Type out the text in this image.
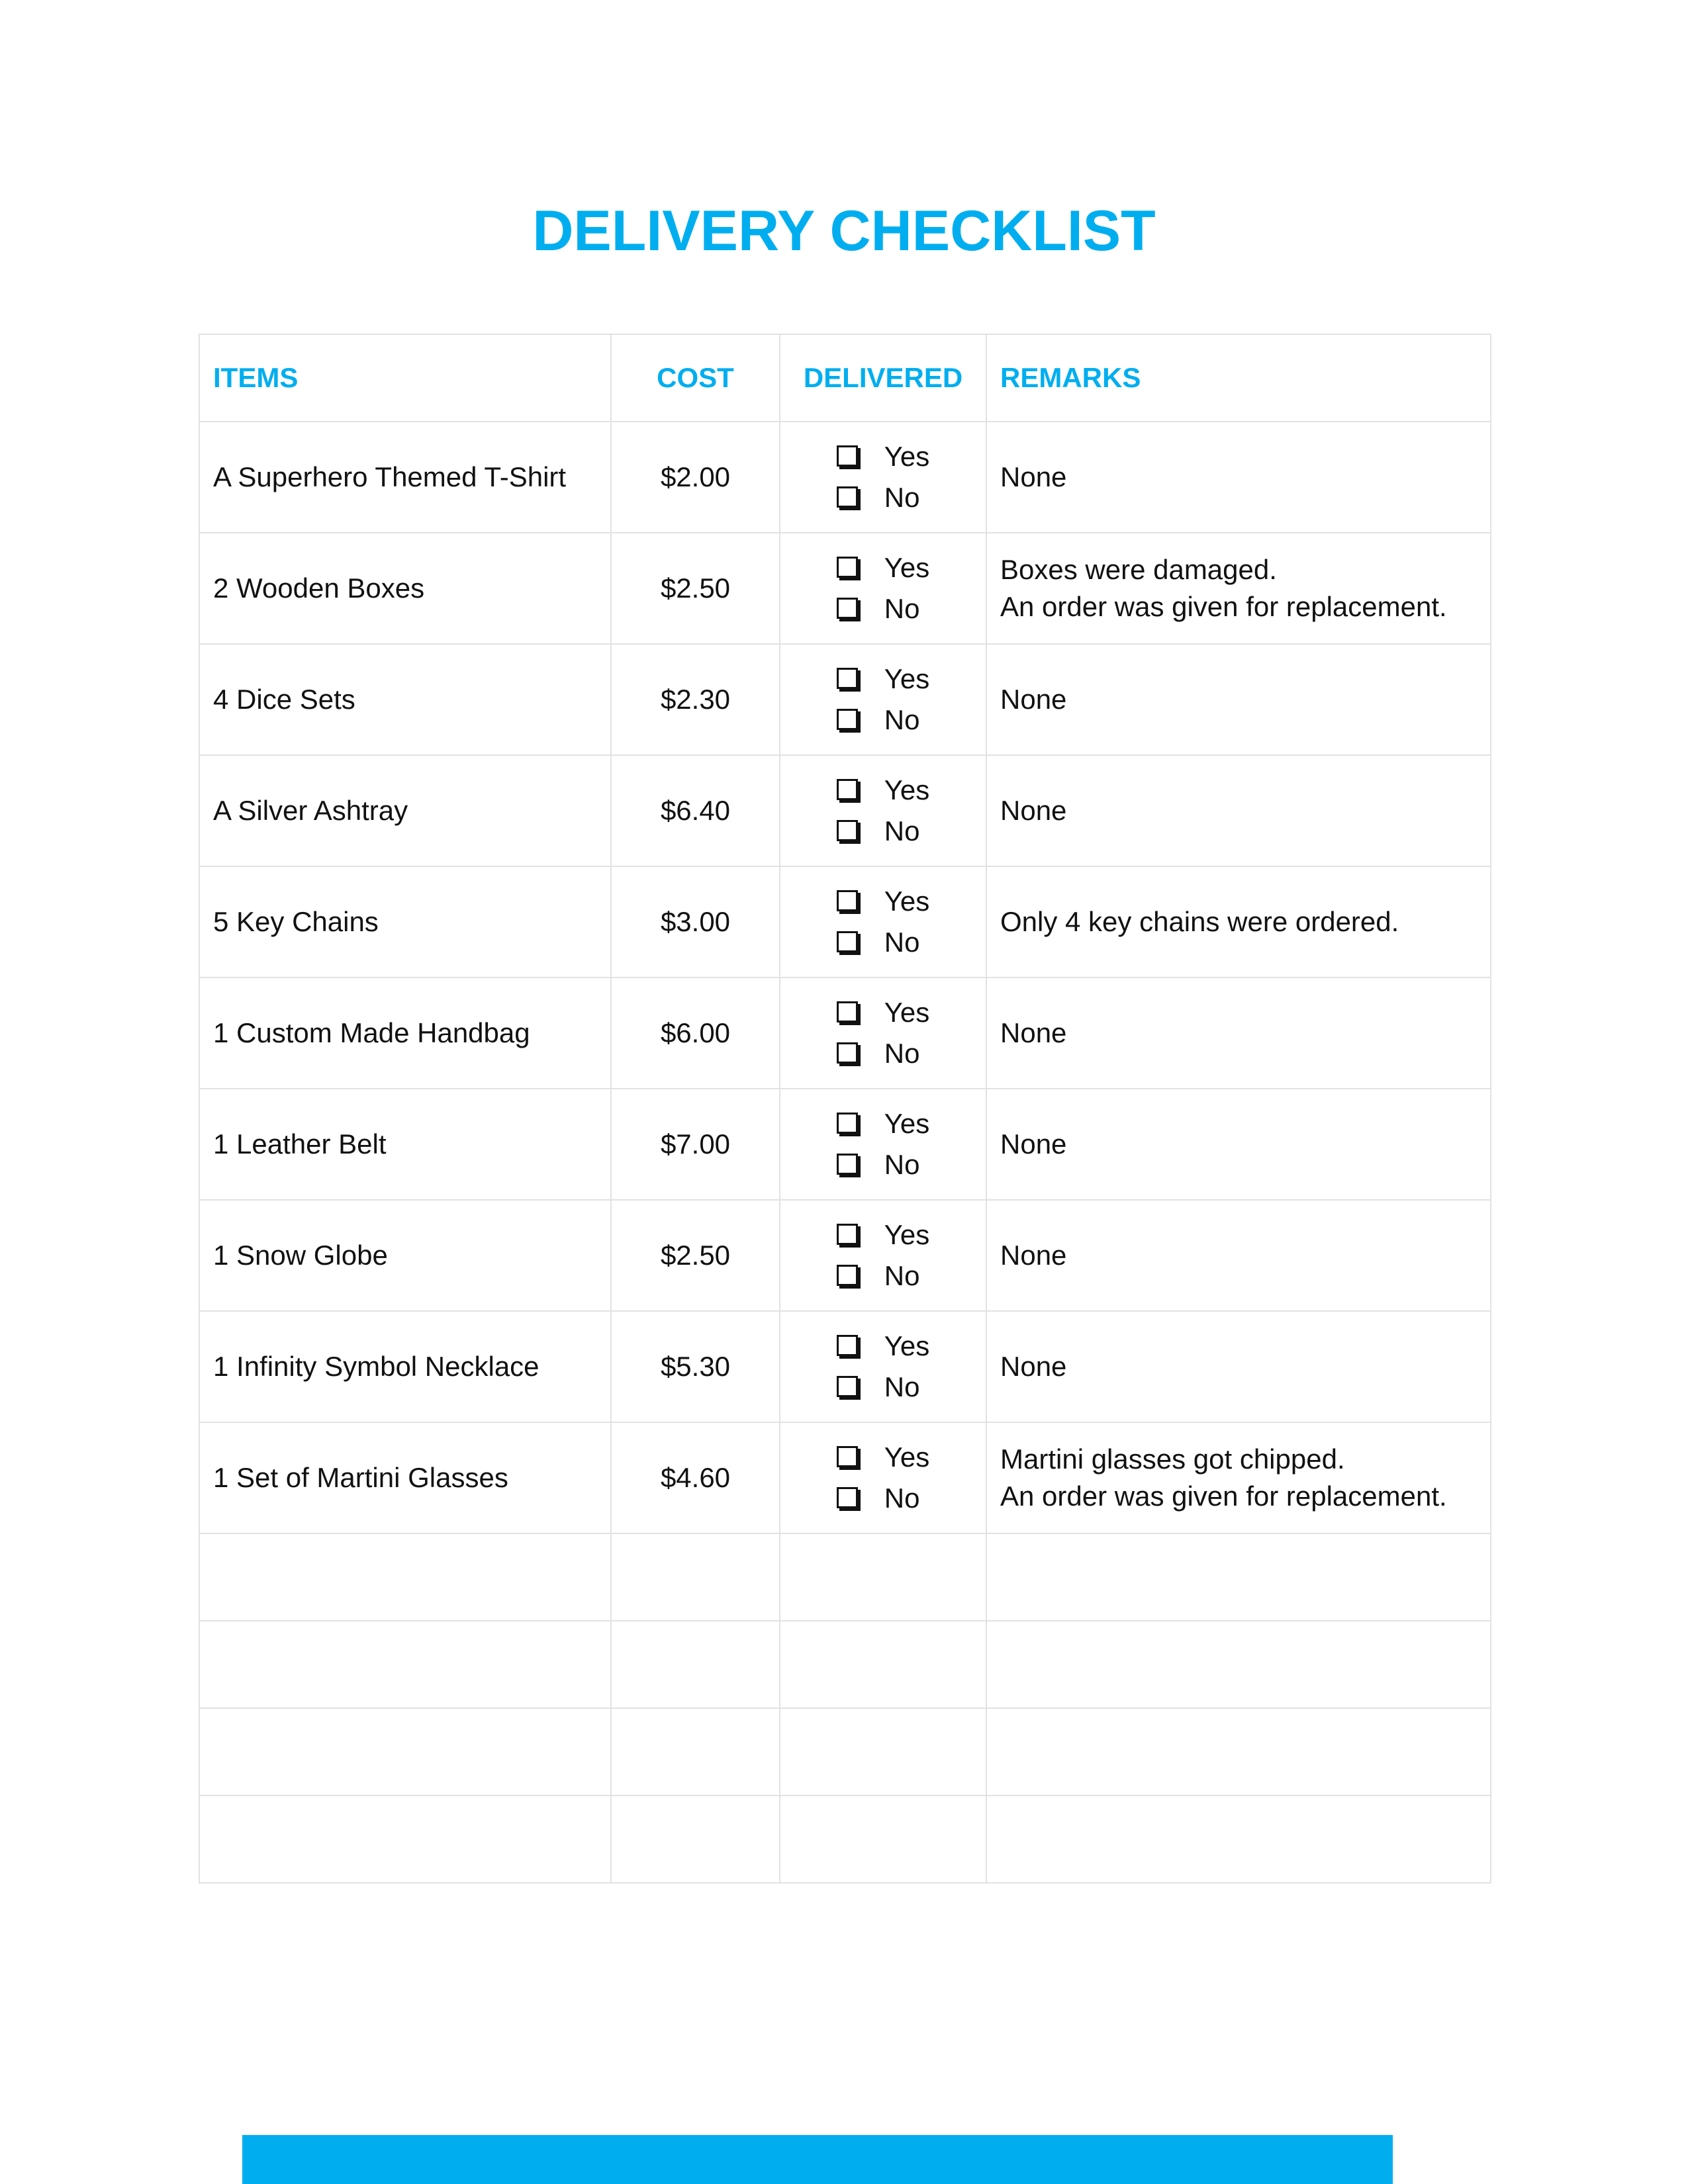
DELIVERY CHECKLIST
ITEMS	COST	DELIVERED	REMARKS
A Superhero Themed T-Shirt	$2.00	Yes
No	None

2 Wooden Boxes	$2.50	Yes
No	Boxes were damaged.
An order was given for replacement.

4 Dice Sets	$2.30	Yes
No	None

A Silver Ashtray	$6.40	Yes
No	None

5 Key Chains	$3.00	Yes
No	Only 4 key chains were ordered.

1 Custom Made Handbag	$6.00	Yes
No	None

1 Leather Belt	$7.00	Yes
No	None

1 Snow Globe	$2.50	Yes
No	None

1 Infinity Symbol Necklace	$5.30	Yes
No	None

1 Set of Martini Glasses	$4.60	Yes
No	Martini glasses got chipped.
An order was given for replacement.
